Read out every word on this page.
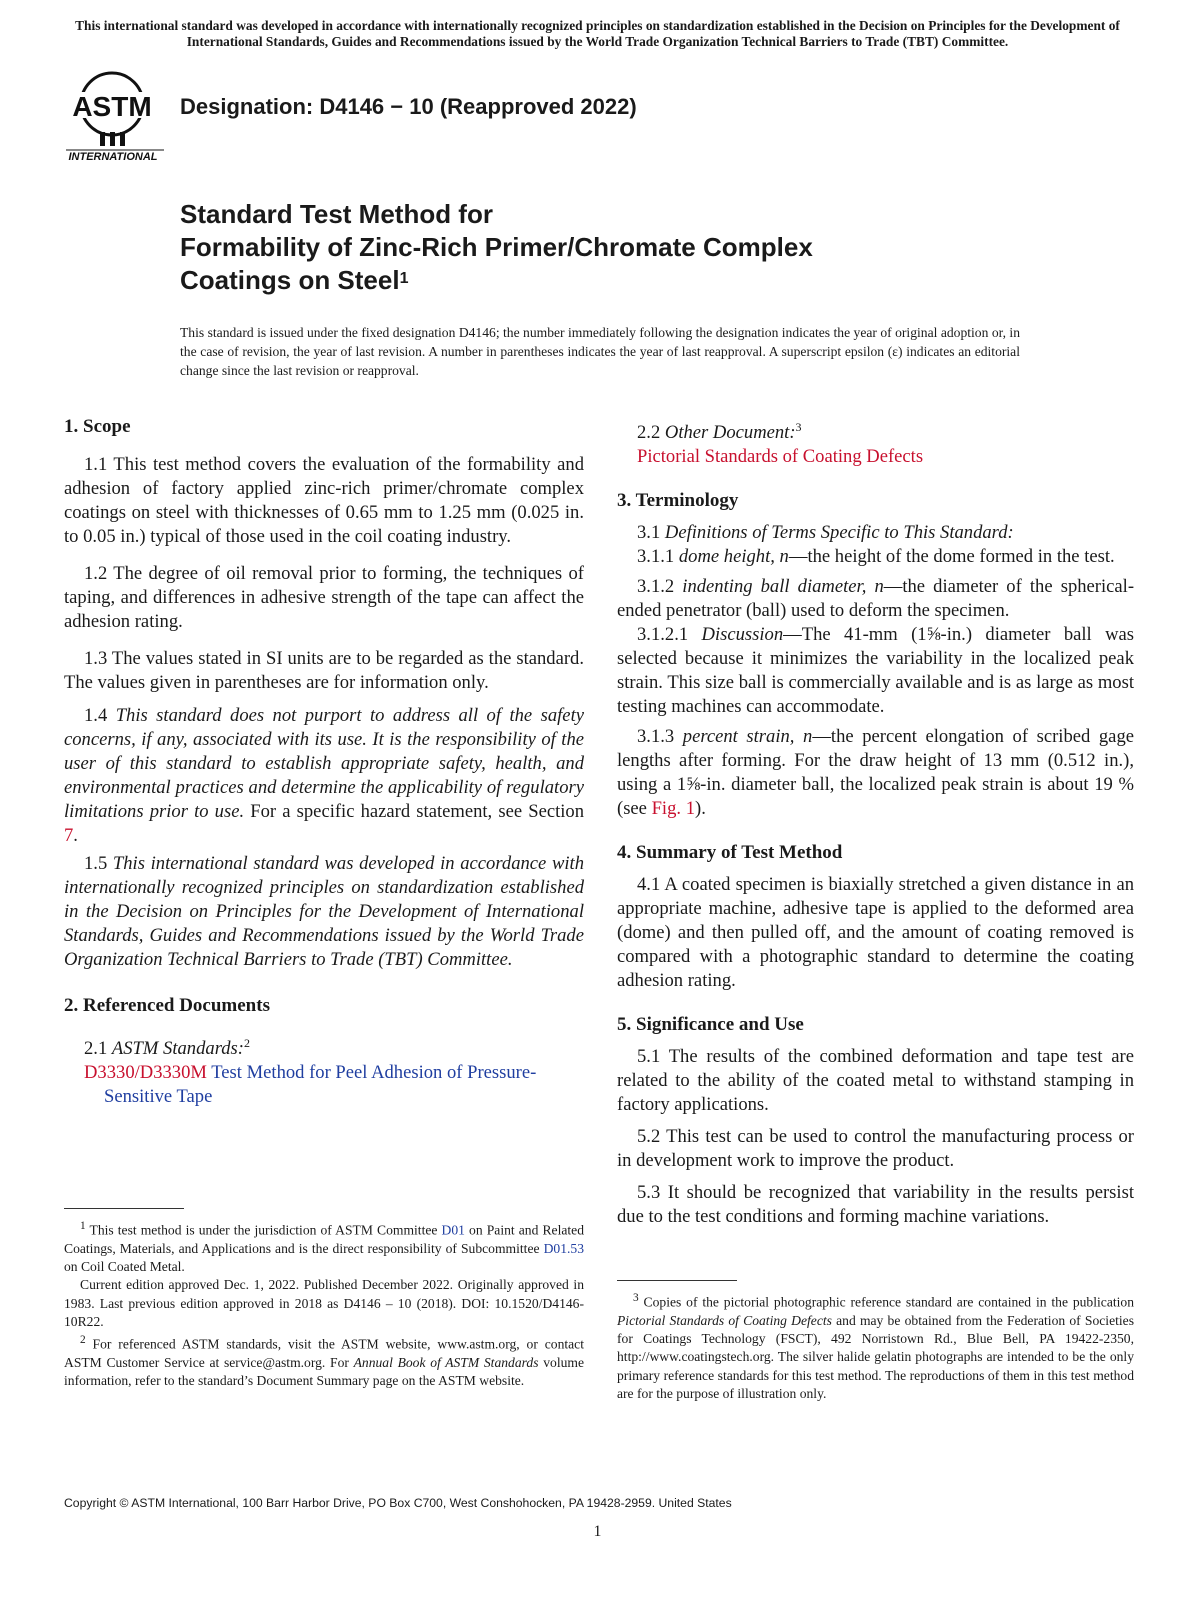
This international standard was developed in accordance with internationally recognized principles on standardization established in the Decision on Principles for the Development of International Standards, Guides and Recommendations issued by the World Trade Organization Technical Barriers to Trade (TBT) Committee.
ASTM
INTERNATIONAL
Designation: D4146 − 10 (Reapproved 2022)
Standard Test Method for
Formability of Zinc-Rich Primer/Chromate Complex
Coatings on Steel$^1$
This standard is issued under the fixed designation D4146; the number immediately following the designation indicates the year of original adoption or, in the case of revision, the year of last revision. A number in parentheses indicates the year of last reapproval. A superscript epsilon (ε) indicates an editorial change since the last revision or reapproval.
1. Scope

1.1 This test method covers the evaluation of the formability and adhesion of factory applied zinc-rich primer/chromate complex coatings on steel with thicknesses of 0.65 mm to 1.25 mm (0.025 in. to 0.05 in.) typical of those used in the coil coating industry.

1.2 The degree of oil removal prior to forming, the techniques of taping, and differences in adhesive strength of the tape can affect the adhesion rating.

1.3 The values stated in SI units are to be regarded as the standard. The values given in parentheses are for information only.

1.4 This standard does not purport to address all of the safety concerns, if any, associated with its use. It is the responsibility of the user of this standard to establish appropriate safety, health, and environmental practices and determine the applicability of regulatory limitations prior to use. For a specific hazard statement, see Section 7.

1.5 This international standard was developed in accordance with internationally recognized principles on standardization established in the Decision on Principles for the Development of International Standards, Guides and Recommendations issued by the World Trade Organization Technical Barriers to Trade (TBT) Committee.

2. Referenced Documents

2.1 ASTM Standards:$^2$

D3330/D3330M Test Method for Peel Adhesion of Pressure-Sensitive Tape

$^1$ This test method is under the jurisdiction of ASTM Committee D01 on Paint and Related Coatings, Materials, and Applications and is the direct responsibility of Subcommittee D01.53 on Coil Coated Metal.

Current edition approved Dec. 1, 2022. Published December 2022. Originally approved in 1983. Last previous edition approved in 2018 as D4146 – 10 (2018). DOI: 10.1520/D4146-10R22.

$^2$ For referenced ASTM standards, visit the ASTM website, www.astm.org, or contact ASTM Customer Service at service@astm.org. For Annual Book of ASTM Standards volume information, refer to the standard’s Document Summary page on the ASTM website.

2.2 Other Document:$^3$

Pictorial Standards of Coating Defects

3. Terminology

3.1 Definitions of Terms Specific to This Standard:

3.1.1 dome height, n—the height of the dome formed in the test.

3.1.2 indenting ball diameter, n—the diameter of the spherical-ended penetrator (ball) used to deform the specimen.

3.1.2.1 Discussion—The 41-mm (1⅝-in.) diameter ball was selected because it minimizes the variability in the localized peak strain. This size ball is commercially available and is as large as most testing machines can accommodate.

3.1.3 percent strain, n—the percent elongation of scribed gage lengths after forming. For the draw height of 13 mm (0.512 in.), using a 1⅝-in. diameter ball, the localized peak strain is about 19 % (see Fig. 1).

4. Summary of Test Method

4.1 A coated specimen is biaxially stretched a given distance in an appropriate machine, adhesive tape is applied to the deformed area (dome) and then pulled off, and the amount of coating removed is compared with a photographic standard to determine the coating adhesion rating.

5. Significance and Use

5.1 The results of the combined deformation and tape test are related to the ability of the coated metal to withstand stamping in factory applications.

5.2 This test can be used to control the manufacturing process or in development work to improve the product.

5.3 It should be recognized that variability in the results persist due to the test conditions and forming machine variations.

$^3$ Copies of the pictorial photographic reference standard are contained in the publication Pictorial Standards of Coating Defects and may be obtained from the Federation of Societies for Coatings Technology (FSCT), 492 Norristown Rd., Blue Bell, PA 19422-2350, http://www.coatingstech.org. The silver halide gelatin photographs are intended to be the only primary reference standards for this test method. The reproductions of them in this test method are for the purpose of illustration only.

Copyright © ASTM International, 100 Barr Harbor Drive, PO Box C700, West Conshohocken, PA 19428-2959. United States
1
